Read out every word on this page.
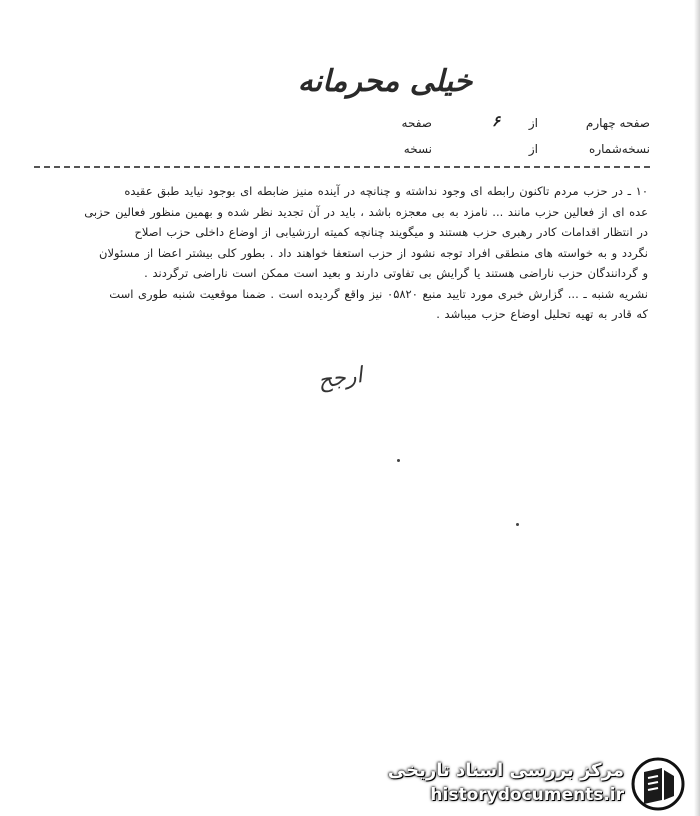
خیلی محرمانه
صفحه چهارم
از
۶
صفحه
نسخه‌شماره
از
نسخه
۱۰ ـ در حزب مردم تاکنون رابطه ای وجود نداشته و چنانچه در آینده منیز ضابطه ای بوجود نیاید طبق عقیده
عده ای از فعالین حزب مانند ... نامزد به بی معجزه باشد ، باید در آن تجدید نظر شده و بهمین منظور فعالین حزبی
در انتظار اقدامات کادر رهبری حزب هستند و میگویند چنانچه کمیته ارزشیابی از اوضاع داخلی حزب اصلاح
نگردد و به خواسته های منطقی افراد توجه نشود از حزب استعفا خواهند داد . بطور کلی بیشتر اعضا از مسئولان
و گردانندگان حزب ناراضی هستند یا گرایش بی تفاوتی دارند و بعید است ممکن است ناراضی ترگردند .
نشریه شنبه ـ ... گزارش خبری مورد تایید منبع ۰۵۸۲۰ نیز واقع گردیده است . ضمنا موقعیت شنبه طوری است
که قادر به تهیه تحلیل اوضاع حزب میباشد .
ارجح
مرکز بررسی اسناد تاریخی
historydocuments.ir
